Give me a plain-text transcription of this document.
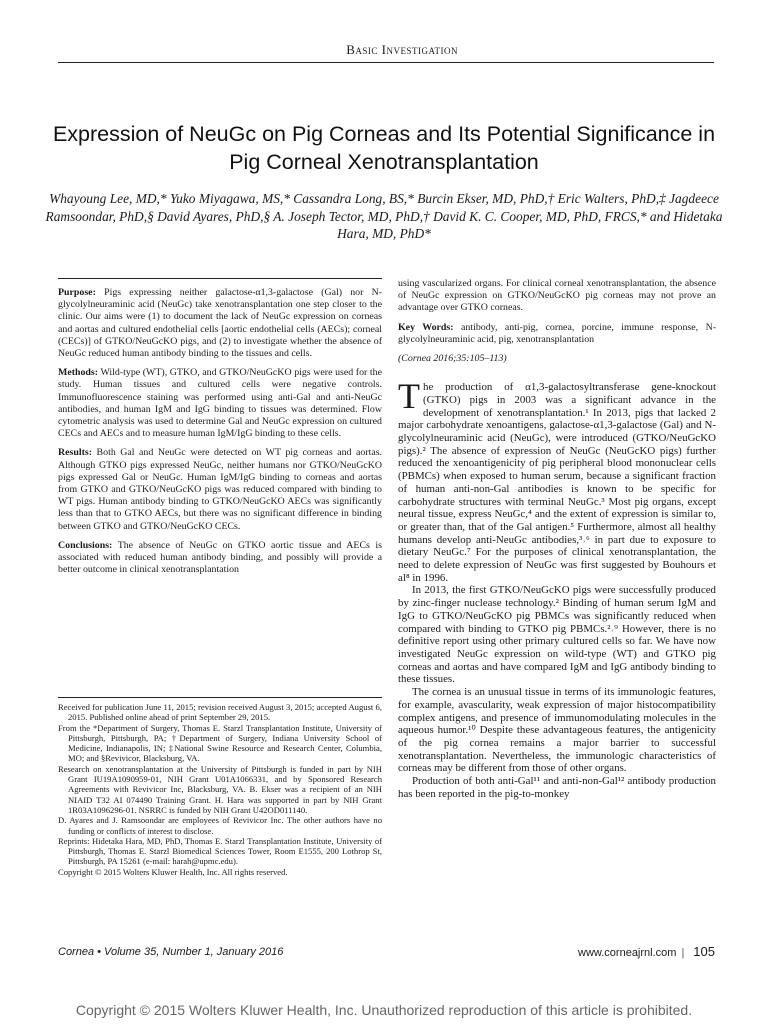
Basic Investigation
Expression of NeuGc on Pig Corneas and Its Potential Significance in Pig Corneal Xenotransplantation
Whayoung Lee, MD,* Yuko Miyagawa, MS,* Cassandra Long, BS,* Burcin Ekser, MD, PhD,† Eric Walters, PhD,‡ Jagdeece Ramsoondar, PhD,§ David Ayares, PhD,§ A. Joseph Tector, MD, PhD,† David K. C. Cooper, MD, PhD, FRCS,* and Hidetaka Hara, MD, PhD*

Purpose: Pigs expressing neither galactose-α1,3-galactose (Gal) nor N-glycolylneuraminic acid (NeuGc) take xenotransplantation one step closer to the clinic. Our aims were (1) to document the lack of NeuGc expression on corneas and aortas and cultured endothelial cells [aortic endothelial cells (AECs); corneal (CECs)] of GTKO/NeuGcKO pigs, and (2) to investigate whether the absence of NeuGc reduced human antibody binding to the tissues and cells.

Methods: Wild-type (WT), GTKO, and GTKO/NeuGcKO pigs were used for the study. Human tissues and cultured cells were negative controls. Immunofluorescence staining was performed using anti-Gal and anti-NeuGc antibodies, and human IgM and IgG binding to tissues was determined. Flow cytometric analysis was used to determine Gal and NeuGc expression on cultured CECs and AECs and to measure human IgM/IgG binding to these cells.

Results: Both Gal and NeuGc were detected on WT pig corneas and aortas. Although GTKO pigs expressed NeuGc, neither humans nor GTKO/NeuGcKO pigs expressed Gal or NeuGc. Human IgM/IgG binding to corneas and aortas from GTKO and GTKO/NeuGcKO pigs was reduced compared with binding to WT pigs. Human antibody binding to GTKO/NeuGcKO AECs was significantly less than that to GTKO AECs, but there was no significant difference in binding between GTKO and GTKO/NeuGcKO CECs.

Conclusions: The absence of NeuGc on GTKO aortic tissue and AECs is associated with reduced human antibody binding, and possibly will provide a better outcome in clinical xenotransplantation

Received for publication June 11, 2015; revision received August 3, 2015; accepted August 6, 2015. Published online ahead of print September 29, 2015.

From the *Department of Surgery, Thomas E. Starzl Transplantation Institute, University of Pittsburgh, Pittsburgh, PA; †Department of Surgery, Indiana University School of Medicine, Indianapolis, IN; ‡National Swine Resource and Research Center, Columbia, MO; and §Revivicor, Blacksburg, VA.

Research on xenotransplantation at the University of Pittsburgh is funded in part by NIH Grant IU19A1090959-01, NIH Grant U01A1066331, and by Sponsored Research Agreements with Revivicor Inc, Blacksburg, VA. B. Ekser was a recipient of an NIH NIAID T32 AI 074490 Training Grant. H. Hara was supported in part by NIH Grant 1R03A1096296-01. NSRRC is funded by NIH Grant U42OD011140.

D. Ayares and J. Ramsoondar are employees of Revivicor Inc. The other authors have no funding or conflicts of interest to disclose.

Reprints: Hidetaka Hara, MD, PhD, Thomas E. Starzl Transplantation Institute, University of Pittsburgh, Thomas E. Starzl Biomedical Sciences Tower, Room E1555, 200 Lothrop St, Pittsburgh, PA 15261 (e-mail: harah@upmc.edu).

Copyright © 2015 Wolters Kluwer Health, Inc. All rights reserved.

using vascularized organs. For clinical corneal xenotransplantation, the absence of NeuGc expression on GTKO/NeuGcKO pig corneas may not prove an advantage over GTKO corneas.

Key Words: antibody, anti-pig, cornea, porcine, immune response, N-glycolylneuraminic acid, pig, xenotransplantation

(Cornea 2016;35:105–113)

The production of α1,3-galactosyltransferase gene-knockout (GTKO) pigs in 2003 was a significant advance in the development of xenotransplantation.¹ In 2013, pigs that lacked 2 major carbohydrate xenoantigens, galactose-α1,3-galactose (Gal) and N-glycolylneuraminic acid (NeuGc), were introduced (GTKO/NeuGcKO pigs).² The absence of expression of NeuGc (NeuGcKO pigs) further reduced the xenoantigenicity of pig peripheral blood mononuclear cells (PBMCs) when exposed to human serum, because a significant fraction of human anti-non-Gal antibodies is known to be specific for carbohydrate structures with terminal NeuGc.³ Most pig organs, except neural tissue, express NeuGc,⁴ and the extent of expression is similar to, or greater than, that of the Gal antigen.⁵ Furthermore, almost all healthy humans develop anti-NeuGc antibodies,³˒⁶ in part due to exposure to dietary NeuGc.⁷ For the purposes of clinical xenotransplantation, the need to delete expression of NeuGc was first suggested by Bouhours et al⁸ in 1996.

In 2013, the first GTKO/NeuGcKO pigs were successfully produced by zinc-finger nuclease technology.² Binding of human serum IgM and IgG to GTKO/NeuGcKO pig PBMCs was significantly reduced when compared with binding to GTKO pig PBMCs.²˒⁹ However, there is no definitive report using other primary cultured cells so far. We have now investigated NeuGc expression on wild-type (WT) and GTKO pig corneas and aortas and have compared IgM and IgG antibody binding to these tissues.

The cornea is an unusual tissue in terms of its immunologic features, for example, avascularity, weak expression of major histocompatibility complex antigens, and presence of immunomodulating molecules in the aqueous humor.¹⁰ Despite these advantageous features, the antigenicity of the pig cornea remains a major barrier to successful xenotransplantation. Nevertheless, the immunologic characteristics of corneas may be different from those of other organs.

Production of both anti-Gal¹¹ and anti-non-Gal¹² antibody production has been reported in the pig-to-monkey

Cornea • Volume 35, Number 1, January 2016	www.corneajrnl.com | 105
Copyright © 2015 Wolters Kluwer Health, Inc. Unauthorized reproduction of this article is prohibited.
